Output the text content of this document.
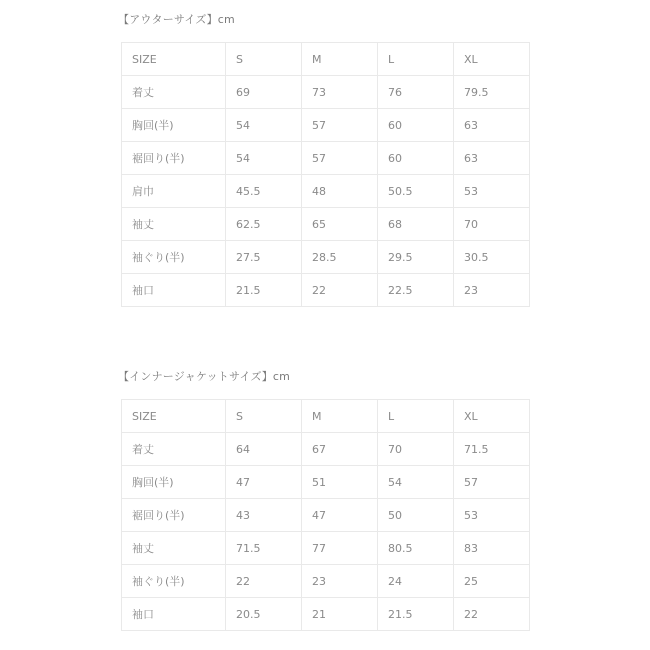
【アウターサイズ】cm
SIZE	S	M	L	XL
着丈	69	73	76	79.5
胸回(半)	54	57	60	63
裾回り(半)	54	57	60	63
肩巾	45.5	48	50.5	53
袖丈	62.5	65	68	70
袖ぐり(半)	27.5	28.5	29.5	30.5
袖口	21.5	22	22.5	23
【インナージャケットサイズ】cm
SIZE	S	M	L	XL
着丈	64	67	70	71.5
胸回(半)	47	51	54	57
裾回り(半)	43	47	50	53
袖丈	71.5	77	80.5	83
袖ぐり(半)	22	23	24	25
袖口	20.5	21	21.5	22
